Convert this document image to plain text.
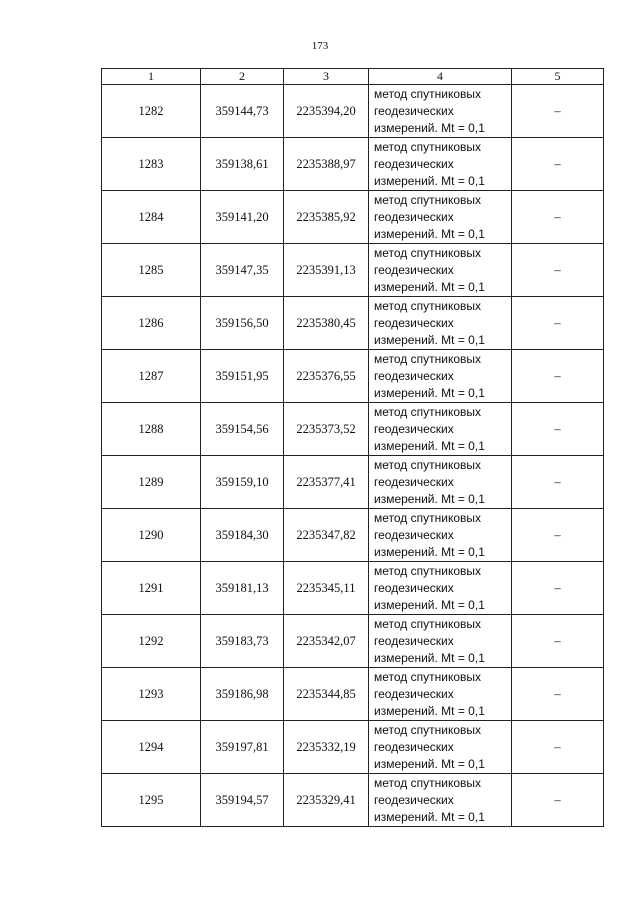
173
1	2	3	4	5
1282	359144,73	2235394,20	метод спутниковых
геодезических
измерений. Mt = 0,1	–
1283	359138,61	2235388,97	метод спутниковых
геодезических
измерений. Mt = 0,1	–
1284	359141,20	2235385,92	метод спутниковых
геодезических
измерений. Mt = 0,1	–
1285	359147,35	2235391,13	метод спутниковых
геодезических
измерений. Mt = 0,1	–
1286	359156,50	2235380,45	метод спутниковых
геодезических
измерений. Mt = 0,1	–
1287	359151,95	2235376,55	метод спутниковых
геодезических
измерений. Mt = 0,1	–
1288	359154,56	2235373,52	метод спутниковых
геодезических
измерений. Mt = 0,1	–
1289	359159,10	2235377,41	метод спутниковых
геодезических
измерений. Mt = 0,1	–
1290	359184,30	2235347,82	метод спутниковых
геодезических
измерений. Mt = 0,1	–
1291	359181,13	2235345,11	метод спутниковых
геодезических
измерений. Mt = 0,1	–
1292	359183,73	2235342,07	метод спутниковых
геодезических
измерений. Mt = 0,1	–
1293	359186,98	2235344,85	метод спутниковых
геодезических
измерений. Mt = 0,1	–
1294	359197,81	2235332,19	метод спутниковых
геодезических
измерений. Mt = 0,1	–
1295	359194,57	2235329,41	метод спутниковых
геодезических
измерений. Mt = 0,1	–
